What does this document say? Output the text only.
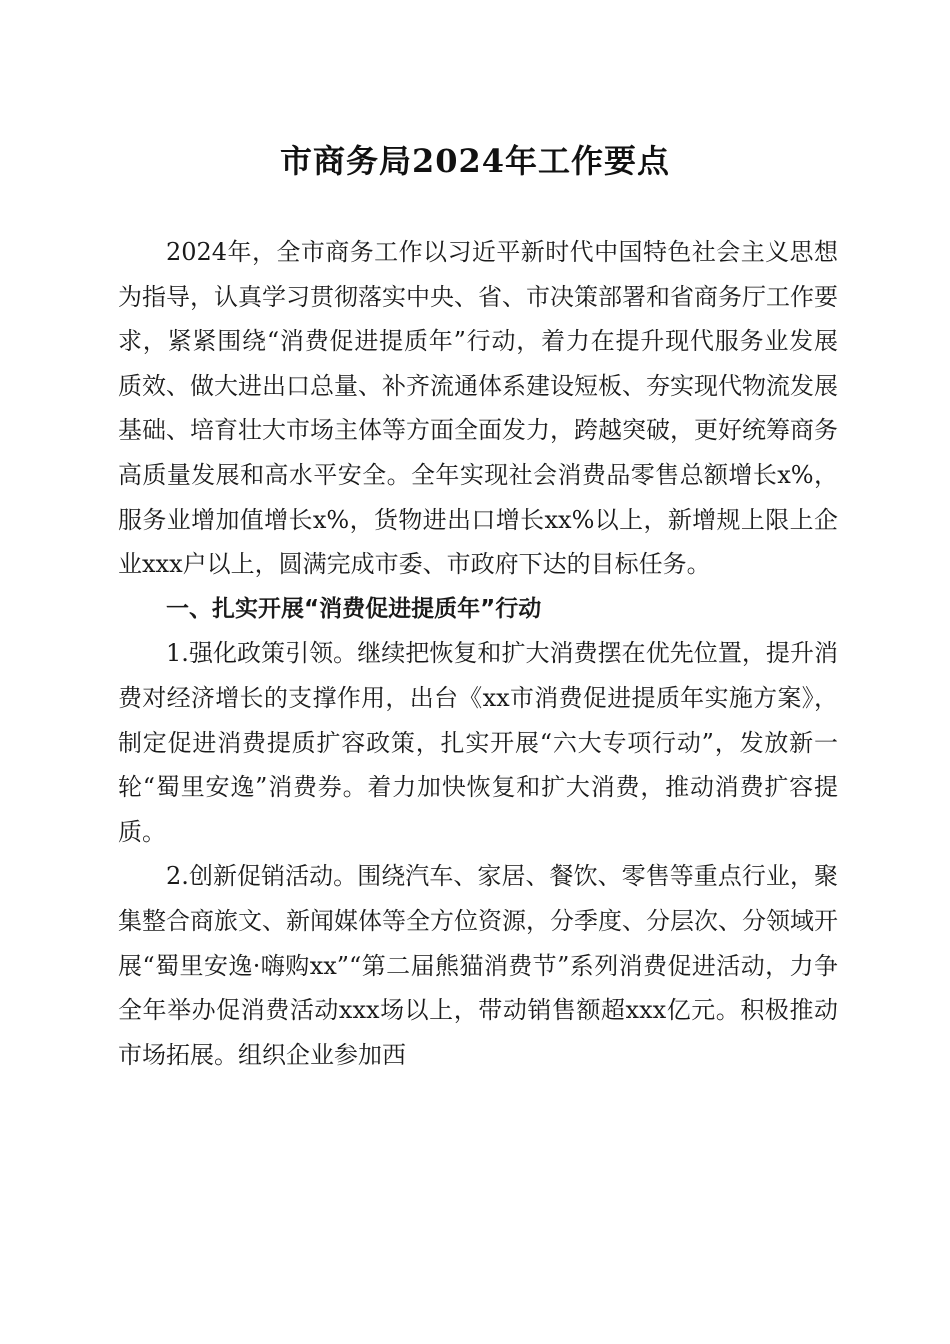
市商务局2024年工作要点

2024年，全市商务工作以习近平新时代中国特色社会主义思想为指导，认真学习贯彻落实中央、省、市决策部署和省商务厅工作要求，紧紧围绕“消费促进提质年”行动，着力在提升现代服务业发展质效、做大进出口总量、补齐流通体系建设短板、夯实现代物流发展基础、培育壮大市场主体等方面全面发力，跨越突破，更好统筹商务高质量发展和高水平安全。全年实现社会消费品零售总额增长x%，服务业增加值增长x%，货物进出口增长xx%以上，新增规上限上企业xxx户以上，圆满完成市委、市政府下达的目标任务。

一、扎实开展“消费促进提质年”行动

1.强化政策引领。继续把恢复和扩大消费摆在优先位置，提升消费对经济增长的支撑作用，出台《xx市消费促进提质年实施方案》，制定促进消费提质扩容政策，扎实开展“六大专项行动”，发放新一轮“蜀里安逸”消费券。着力加快恢复和扩大消费，推动消费扩容提质。

2.创新促销活动。围绕汽车、家居、餐饮、零售等重点行业，聚集整合商旅文、新闻媒体等全方位资源，分季度、分层次、分领域开展“蜀里安逸·嗨购xx”“第二届熊猫消费节”系列消费促进活动，力争全年举办促消费活动xxx场以上，带动销售额超xxx亿元。积极推动市场拓展。组织企业参加西
